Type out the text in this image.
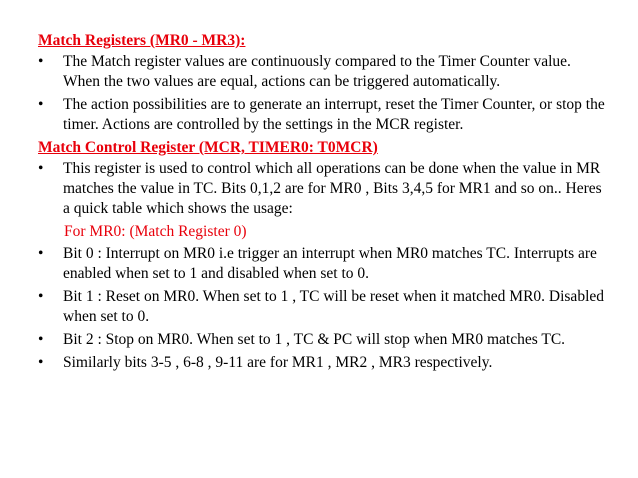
Match Registers (MR0 - MR3):
•	The Match register values are continuously compared to the Timer Counter value. When the two values are equal, actions can be triggered automatically.
•	The action possibilities are to generate an interrupt, reset the Timer Counter, or stop the timer. Actions are controlled by the settings in the MCR register.
Match Control Register (MCR, TIMER0: T0MCR)
•	This register is used to control which all operations can be done when the value in MR matches the value in TC. Bits 0,1,2 are for MR0 , Bits 3,4,5 for MR1 and so on.. Heres a quick table which shows the usage:
For MR0: (Match Register 0)
•	Bit 0 : Interrupt on MR0 i.e trigger an interrupt when MR0 matches TC. Interrupts are enabled when set to 1 and disabled when set to 0.
•	Bit 1 : Reset on MR0. When set to 1 , TC will be reset when it matched MR0. Disabled when set to 0.
•	Bit 2 : Stop on MR0. When set to 1 , TC & PC will stop when MR0 matches TC.
•	Similarly bits 3-5 , 6-8 , 9-11 are for MR1 , MR2 , MR3 respectively.
